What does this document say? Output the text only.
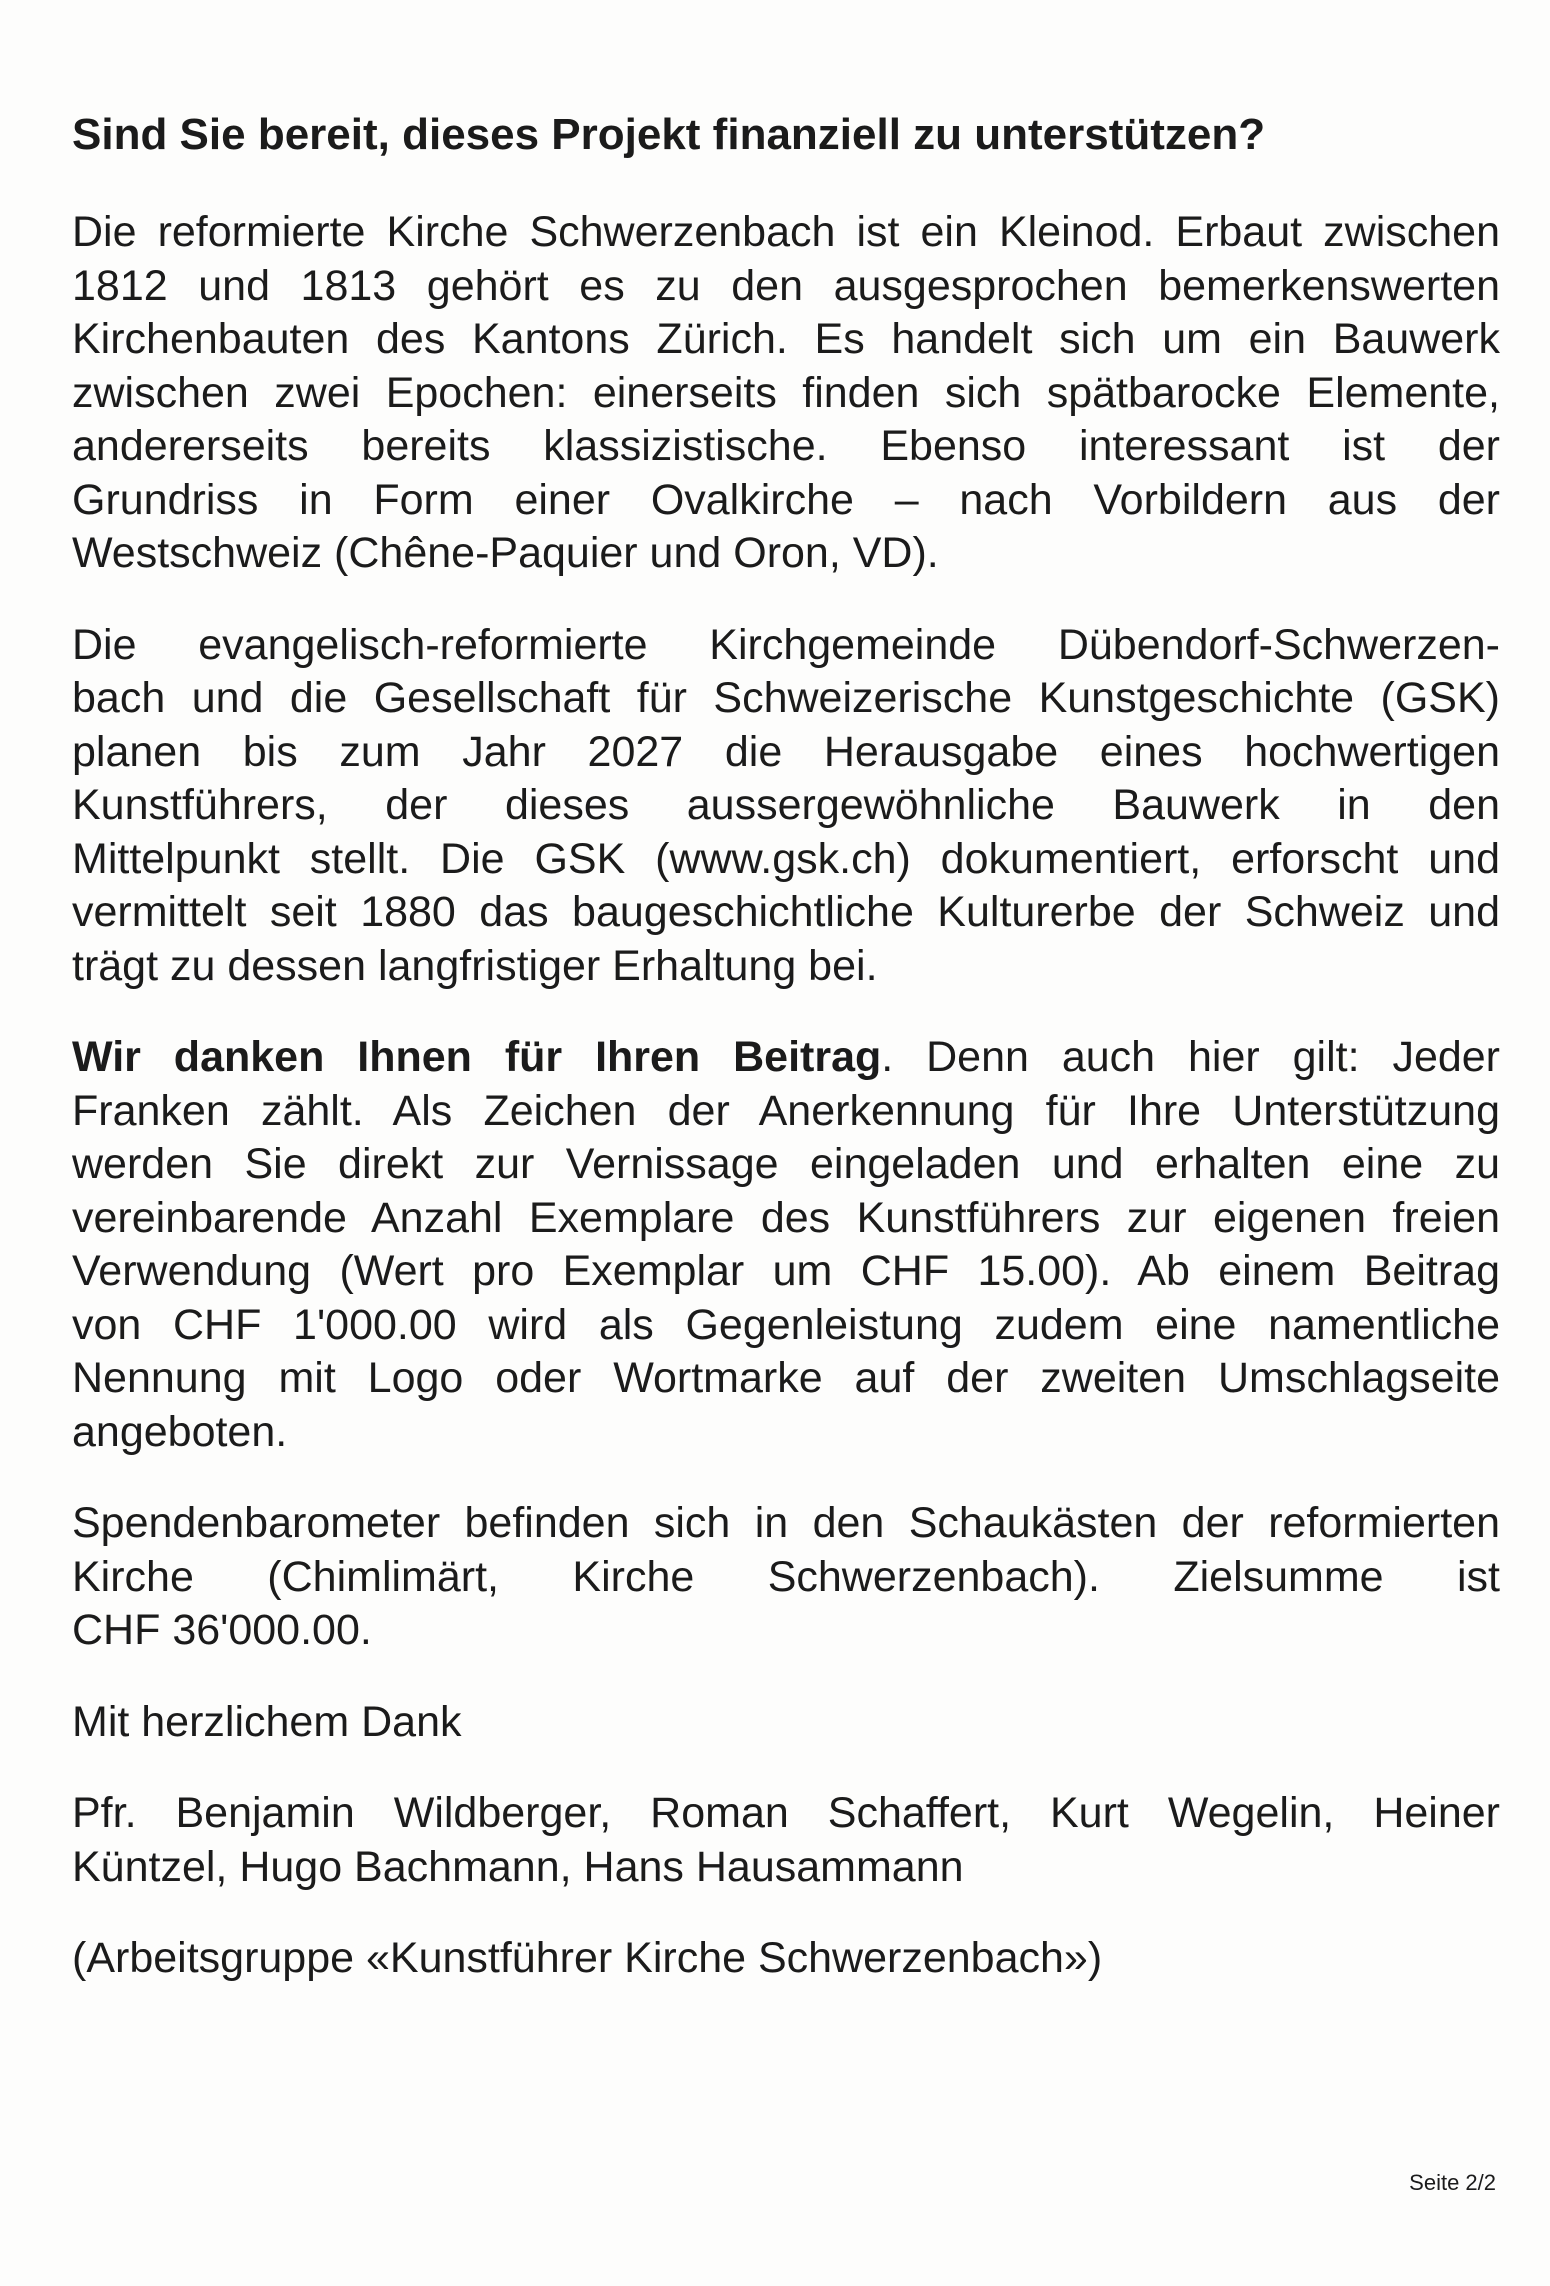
Sind Sie bereit, dieses Projekt finanziell zu unterstützen?
Die reformierte Kirche Schwerzenbach ist ein Kleinod. Erbaut zwischen
1812 und 1813 gehört es zu den ausgesprochen bemerkenswerten
Kirchenbauten des Kantons Zürich. Es handelt sich um ein Bauwerk
zwischen zwei Epochen: einerseits finden sich spätbarocke Elemente,
andererseits bereits klassizistische. Ebenso interessant ist der
Grundriss in Form einer Ovalkirche – nach Vorbildern aus der
Westschweiz (Chêne-Paquier und Oron, VD).
Die evangelisch-reformierte Kirchgemeinde Dübendorf-Schwerzen-
bach und die Gesellschaft für Schweizerische Kunstgeschichte (GSK)
planen bis zum Jahr 2027 die Herausgabe eines hochwertigen
Kunstführers, der dieses aussergewöhnliche Bauwerk in den
Mittelpunkt stellt. Die GSK (www.gsk.ch) dokumentiert, erforscht und
vermittelt seit 1880 das baugeschichtliche Kulturerbe der Schweiz und
trägt zu dessen langfristiger Erhaltung bei.
Wir danken Ihnen für Ihren Beitrag. Denn auch hier gilt: Jeder
Franken zählt. Als Zeichen der Anerkennung für Ihre Unterstützung
werden Sie direkt zur Vernissage eingeladen und erhalten eine zu
vereinbarende Anzahl Exemplare des Kunstführers zur eigenen freien
Verwendung (Wert pro Exemplar um CHF 15.00). Ab einem Beitrag
von CHF 1'000.00 wird als Gegenleistung zudem eine namentliche
Nennung mit Logo oder Wortmarke auf der zweiten Umschlagseite
angeboten.
Spendenbarometer befinden sich in den Schaukästen der reformierten
Kirche (Chimlimärt, Kirche Schwerzenbach). Zielsumme ist
CHF 36'000.00.
Mit herzlichem Dank
Pfr. Benjamin Wildberger, Roman Schaffert, Kurt Wegelin, Heiner
Küntzel, Hugo Bachmann, Hans Hausammann
(Arbeitsgruppe «Kunstführer Kirche Schwerzenbach»)
Seite 2/2
